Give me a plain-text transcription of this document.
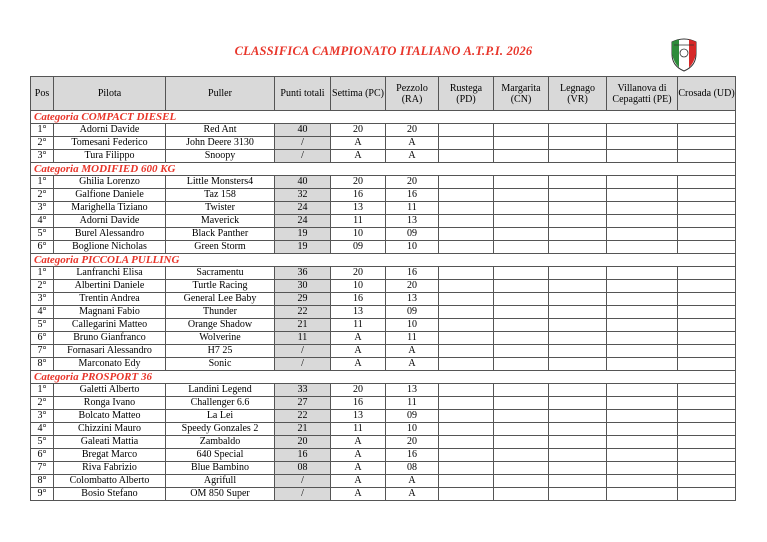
CLASSIFICA CAMPIONATO ITALIANO A.T.P.I. 2026
Pos	Pilota	Puller	Punti totali	Settima (PC)	Pezzolo (RA)	Rustega (PD)	Margarita (CN)	Legnago (VR)	Villanova di Cepagatti (PE)	Crosada (UD)
Categoria COMPACT DIESEL										
1°	Adorni Davide	Red Ant	40	20	20					
2°	Tomesani Federico	John Deere 3130	/	A	A					
3°	Tura Filippo	Snoopy	/	A	A					
Categoria MODIFIED 600 KG										
1°	Ghilia Lorenzo	Little Monsters4	40	20	20					
2°	Galfione Daniele	Taz 158	32	16	16					
3°	Marighella Tiziano	Twister	24	13	11					
4°	Adorni Davide	Maverick	24	11	13					
5°	Burel Alessandro	Black Panther	19	10	09					
6°	Boglione Nicholas	Green Storm	19	09	10					
Categoria PICCOLA PULLING										
1°	Lanfranchi Elisa	Sacramentu	36	20	16					
2°	Albertini Daniele	Turtle Racing	30	10	20					
3°	Trentin Andrea	General Lee Baby	29	16	13					
4°	Magnani Fabio	Thunder	22	13	09					
5°	Callegarini Matteo	Orange Shadow	21	11	10					
6°	Bruno Gianfranco	Wolverine	11	A	11					
7°	Fornasari Alessandro	H7 25	/	A	A					
8°	Marconato Edy	Sonic	/	A	A					
Categoria PROSPORT 36										
1°	Galetti Alberto	Landini Legend	33	20	13					
2°	Ronga Ivano	Challenger 6.6	27	16	11					
3°	Bolcato Matteo	La Lei	22	13	09					
4°	Chizzini Mauro	Speedy Gonzales 2	21	11	10					
5°	Galeati Mattia	Zambaldo	20	A	20					
6°	Bregat Marco	640 Special	16	A	16					
7°	Riva Fabrizio	Blue Bambino	08	A	08					
8°	Colombatto Alberto	Agrifull	/	A	A					
9°	Bosio Stefano	OM 850 Super	/	A	A					
